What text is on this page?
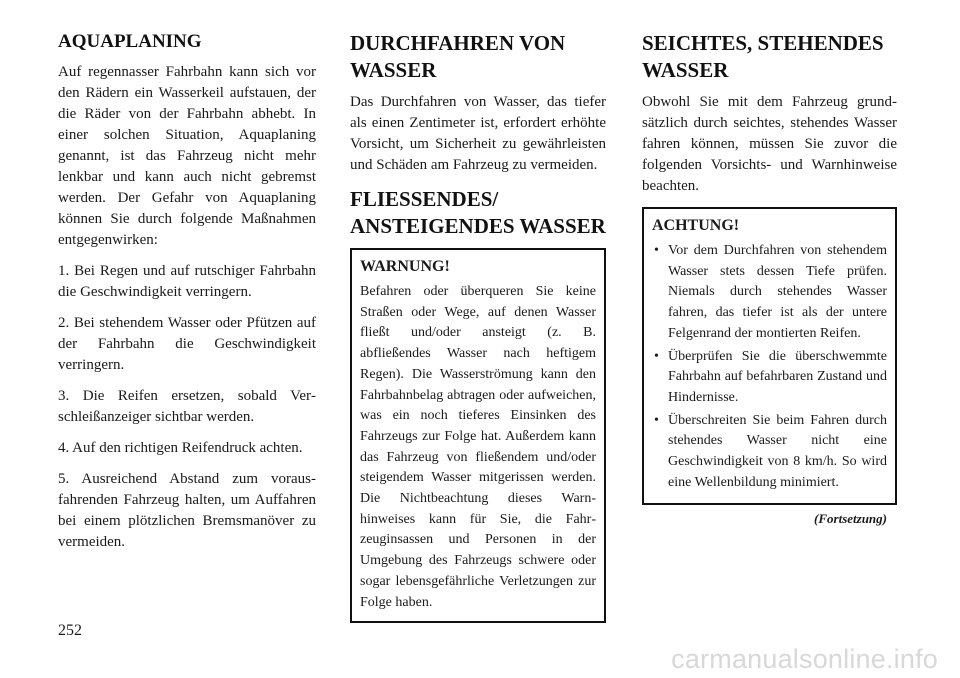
AQUAPLANING

Auf regennasser Fahrbahn kann sich vor den Rädern ein Wasserkeil aufstauen, der die Räder von der Fahrbahn abhebt. In einer solchen Situation, Aquaplaning genannt, ist das Fahrzeug nicht mehr lenkbar und kann auch nicht gebremst werden. Der Gefahr von Aquaplaning können Sie durch folgende Maßnahmen entgegenwirken:

1. Bei Regen und auf rutschiger Fahrbahn die Geschwindigkeit verringern.

2. Bei stehendem Wasser oder Pfützen auf der Fahrbahn die Geschwindigkeit verringern.

3. Die Reifen ersetzen, sobald Verschleißanzeiger sichtbar werden.

4. Auf den richtigen Reifendruck achten.

5. Ausreichend Abstand zum vorausfahrenden Fahrzeug halten, um Auffahren bei einem plötzlichen Bremsmanöver zu vermeiden.

DURCHFAHREN VON WASSER

Das Durchfahren von Wasser, das tiefer als einen Zentimeter ist, erfordert erhöhte Vorsicht, um Sicherheit zu gewährleisten und Schäden am Fahrzeug zu vermeiden.

FLIESSENDES/ ANSTEIGENDES WASSER
WARNUNG!

Befahren oder überqueren Sie keine Straßen oder Wege, auf denen Wasser fließt und/oder ansteigt (z. B. abfließendes Wasser nach heftigem Regen). Die Wasserströmung kann den Fahrbahnbelag abtragen oder aufweichen, was ein noch tieferes Einsinken des Fahrzeugs zur Folge hat. Außerdem kann das Fahrzeug von fließendem und/oder steigendem Wasser mitgerissen werden. Die Nichtbeachtung dieses Warnhinweises kann für Sie, die Fahrzeuginsassen und Personen in der Umgebung des Fahrzeugs schwere oder sogar lebensgefährliche Verletzungen zur Folge haben.

SEICHTES, STEHENDES WASSER

Obwohl Sie mit dem Fahrzeug grundsätzlich durch seichtes, stehendes Wasser fahren können, müssen Sie zuvor die folgenden Vorsichts- und Warnhinweise beachten.

ACHTUNG!
• Vor dem Durchfahren von stehendem Wasser stets dessen Tiefe prüfen. Niemals durch stehendes Wasser fahren, das tiefer ist als der untere Felgenrand der montierten Reifen.
• Überprüfen Sie die überschwemmte Fahrbahn auf befahrbaren Zustand und Hindernisse.
• Überschreiten Sie beim Fahren durch stehendes Wasser nicht eine Geschwindigkeit von 8 km/h. So wird eine Wellenbildung minimiert.
(Fortsetzung)
252
carmanualsonline.info
